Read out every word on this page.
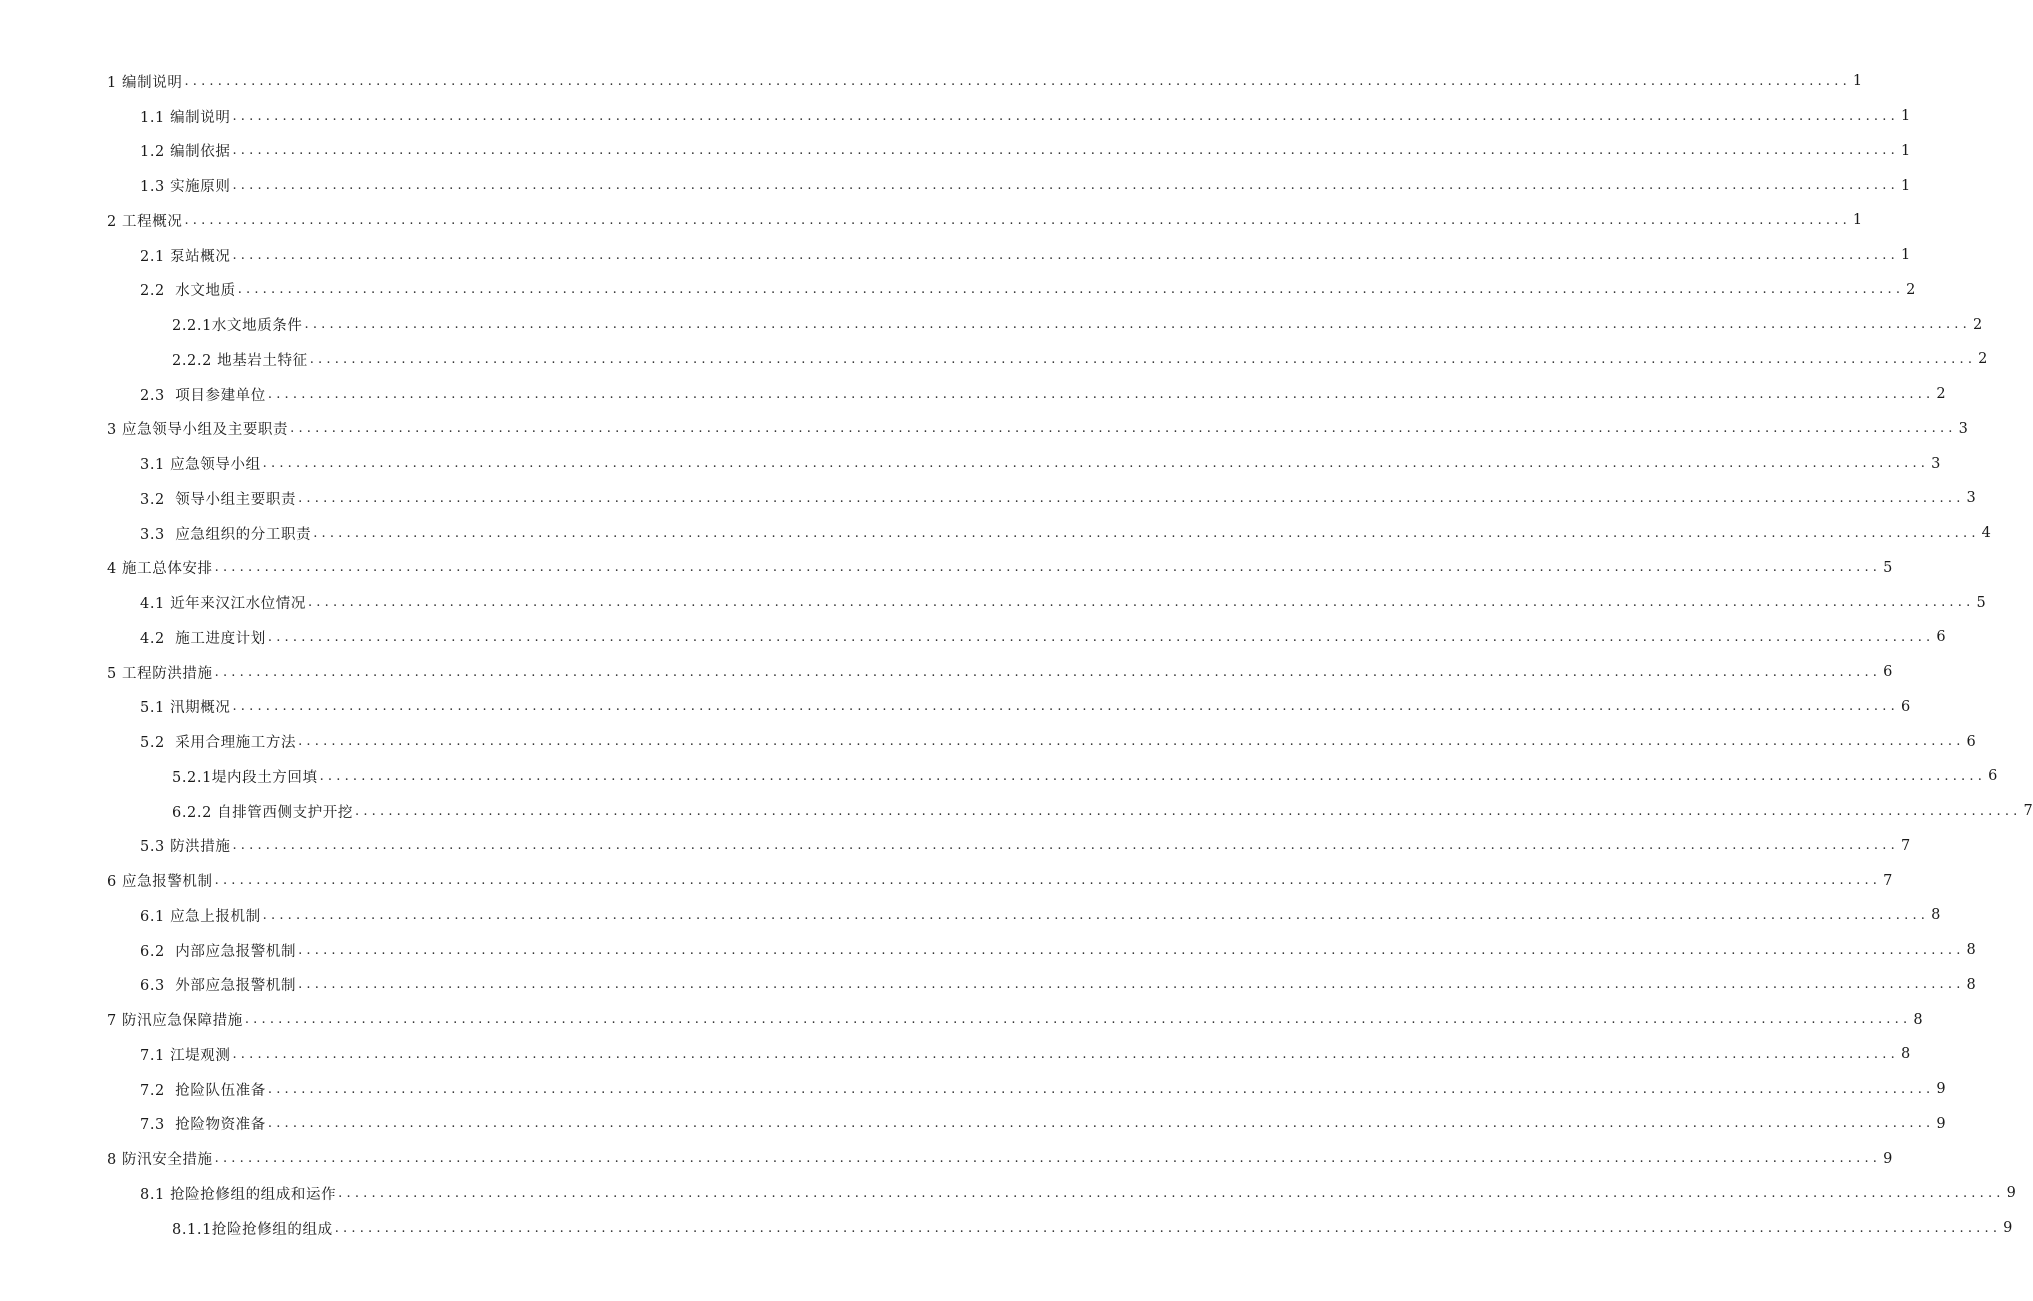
1 编制说明 ........................................................................................................................................................................................................ 1
1.1 编制说明 ........................................................................................................................................................................................................ 1
1.2 编制依据 ........................................................................................................................................................................................................ 1
1.3 实施原则 ........................................................................................................................................................................................................ 1
2 工程概况 ........................................................................................................................................................................................................ 1
2.1 泵站概况 ........................................................................................................................................................................................................ 1
2.2  水文地质 ........................................................................................................................................................................................................ 2
2.2.1水文地质条件 ........................................................................................................................................................................................................ 2
2.2.2 地基岩土特征 ........................................................................................................................................................................................................ 2
2.3  项目参建单位 ........................................................................................................................................................................................................ 2
3 应急领导小组及主要职责 ........................................................................................................................................................................................................ 3
3.1 应急领导小组 ........................................................................................................................................................................................................ 3
3.2  领导小组主要职责 ........................................................................................................................................................................................................ 3
3.3  应急组织的分工职责 ........................................................................................................................................................................................................ 4
4 施工总体安排 ........................................................................................................................................................................................................ 5
4.1 近年来汉江水位情况 ........................................................................................................................................................................................................ 5
4.2  施工进度计划 ........................................................................................................................................................................................................ 6
5 工程防洪措施 ........................................................................................................................................................................................................ 6
5.1 汛期概况 ........................................................................................................................................................................................................ 6
5.2  采用合理施工方法 ........................................................................................................................................................................................................ 6
5.2.1堤内段土方回填 ........................................................................................................................................................................................................ 6
6.2.2 自排管西侧支护开挖 ........................................................................................................................................................................................................ 7
5.3 防洪措施 ........................................................................................................................................................................................................ 7
6 应急报警机制 ........................................................................................................................................................................................................ 7
6.1 应急上报机制 ........................................................................................................................................................................................................ 8
6.2  内部应急报警机制 ........................................................................................................................................................................................................ 8
6.3  外部应急报警机制 ........................................................................................................................................................................................................ 8
7 防汛应急保障措施 ........................................................................................................................................................................................................ 8
7.1 江堤观测 ........................................................................................................................................................................................................ 8
7.2  抢险队伍准备 ........................................................................................................................................................................................................ 9
7.3  抢险物资准备 ........................................................................................................................................................................................................ 9
8 防汛安全措施 ........................................................................................................................................................................................................ 9
8.1 抢险抢修组的组成和运作 ........................................................................................................................................................................................................ 9
8.1.1抢险抢修组的组成 ........................................................................................................................................................................................................ 9
